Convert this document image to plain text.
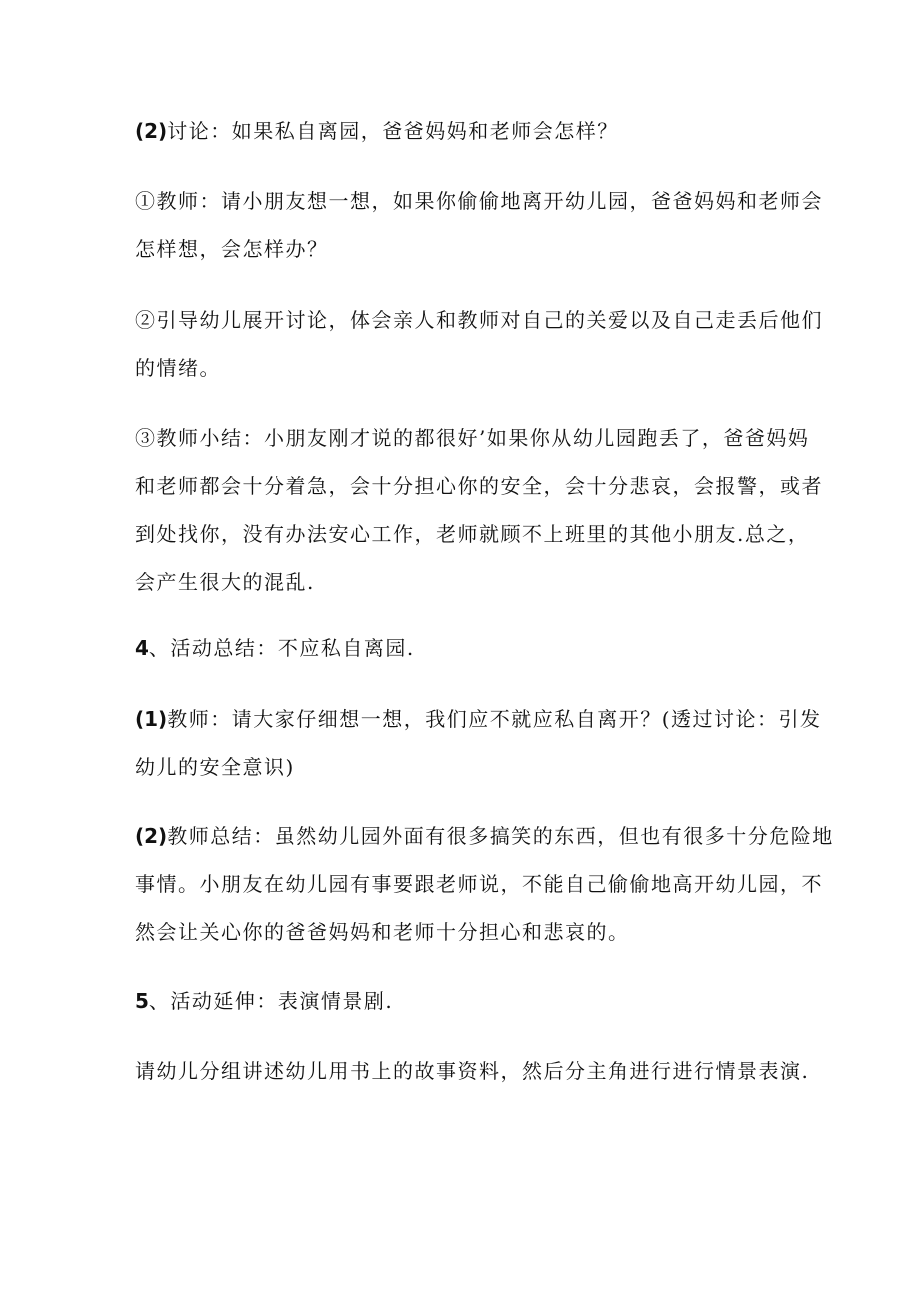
(2)讨论：如果私自离园，爸爸妈妈和老师会怎样？

①教师：请小朋友想一想，如果你偷偷地离开幼儿园，爸爸妈妈和老师会
怎样想，会怎样办？

②引导幼儿展开讨论，体会亲人和教师对自己的关爱以及自己走丢后他们
的情绪。

③教师小结：小朋友刚才说的都很好’如果你从幼儿园跑丢了，爸爸妈妈
和老师都会十分着急，会十分担心你的安全，会十分悲哀，会报警，或者
到处找你，没有办法安心工作，老师就顾不上班里的其他小朋友.总之，
会产生很大的混乱.

4、活动总结：不应私自离园.

(1)教师：请大家仔细想一想，我们应不就应私自离开？(透过讨论：引发
幼儿的安全意识)

(2)教师总结：虽然幼儿园外面有很多搞笑的东西，但也有很多十分危险地
事情。小朋友在幼儿园有事要跟老师说，不能自己偷偷地高开幼儿园，不
然会让关心你的爸爸妈妈和老师十分担心和悲哀的。

5、活动延伸：表演情景剧.

请幼儿分组讲述幼儿用书上的故事资料，然后分主角进行进行情景表演.
